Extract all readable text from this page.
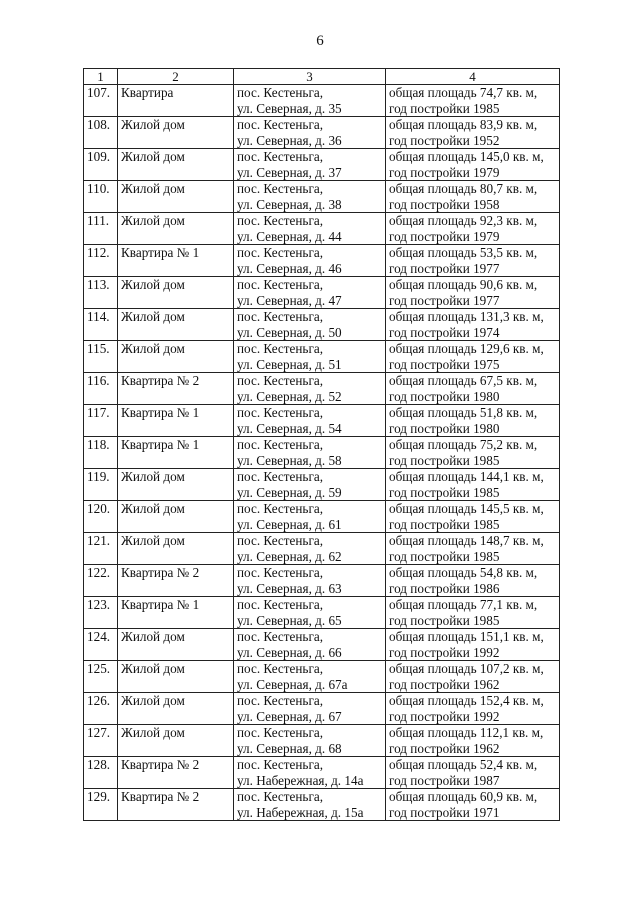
6
1	2	3	4
107.	Квартира	пос. Кестеньга,
ул. Северная, д. 35	общая площадь 74,7 кв. м,
год постройки 1985

108.	Жилой дом	пос. Кестеньга,
ул. Северная, д. 36	общая площадь 83,9 кв. м,
год постройки 1952

109.	Жилой дом	пос. Кестеньга,
ул. Северная, д. 37	общая площадь 145,0 кв. м,
год постройки 1979

110.	Жилой дом	пос. Кестеньга,
ул. Северная, д. 38	общая площадь 80,7 кв. м,
год постройки 1958

111.	Жилой дом	пос. Кестеньга,
ул. Северная, д. 44	общая площадь 92,3 кв. м,
год постройки 1979

112.	Квартира № 1	пос. Кестеньга,
ул. Северная, д. 46	общая площадь 53,5 кв. м,
год постройки 1977

113.	Жилой дом	пос. Кестеньга,
ул. Северная, д. 47	общая площадь 90,6 кв. м,
год постройки 1977

114.	Жилой дом	пос. Кестеньга,
ул. Северная, д. 50	общая площадь 131,3 кв. м,
год постройки 1974

115.	Жилой дом	пос. Кестеньга,
ул. Северная, д. 51	общая площадь 129,6 кв. м,
год постройки 1975

116.	Квартира № 2	пос. Кестеньга,
ул. Северная, д. 52	общая площадь 67,5 кв. м,
год постройки 1980

117.	Квартира № 1	пос. Кестеньга,
ул. Северная, д. 54	общая площадь 51,8 кв. м,
год постройки 1980

118.	Квартира № 1	пос. Кестеньга,
ул. Северная, д. 58	общая площадь 75,2 кв. м,
год постройки 1985

119.	Жилой дом	пос. Кестеньга,
ул. Северная, д. 59	общая площадь 144,1 кв. м,
год постройки 1985

120.	Жилой дом	пос. Кестеньга,
ул. Северная, д. 61	общая площадь 145,5 кв. м,
год постройки 1985

121.	Жилой дом	пос. Кестеньга,
ул. Северная, д. 62	общая площадь 148,7 кв. м,
год постройки 1985

122.	Квартира № 2	пос. Кестеньга,
ул. Северная, д. 63	общая площадь 54,8 кв. м,
год постройки 1986

123.	Квартира № 1	пос. Кестеньга,
ул. Северная, д. 65	общая площадь 77,1 кв. м,
год постройки 1985

124.	Жилой дом	пос. Кестеньга,
ул. Северная, д. 66	общая площадь 151,1 кв. м,
год постройки 1992

125.	Жилой дом	пос. Кестеньга,
ул. Северная, д. 67а	общая площадь 107,2 кв. м,
год постройки 1962

126.	Жилой дом	пос. Кестеньга,
ул. Северная, д. 67	общая площадь 152,4 кв. м,
год постройки 1992

127.	Жилой дом	пос. Кестеньга,
ул. Северная, д. 68	общая площадь 112,1 кв. м,
год постройки 1962

128.	Квартира № 2	пос. Кестеньга,
ул. Набережная, д. 14а	общая площадь 52,4 кв. м,
год постройки 1987

129.	Квартира № 2	пос. Кестеньга,
ул. Набережная, д. 15а	общая площадь 60,9 кв. м,
год постройки 1971
